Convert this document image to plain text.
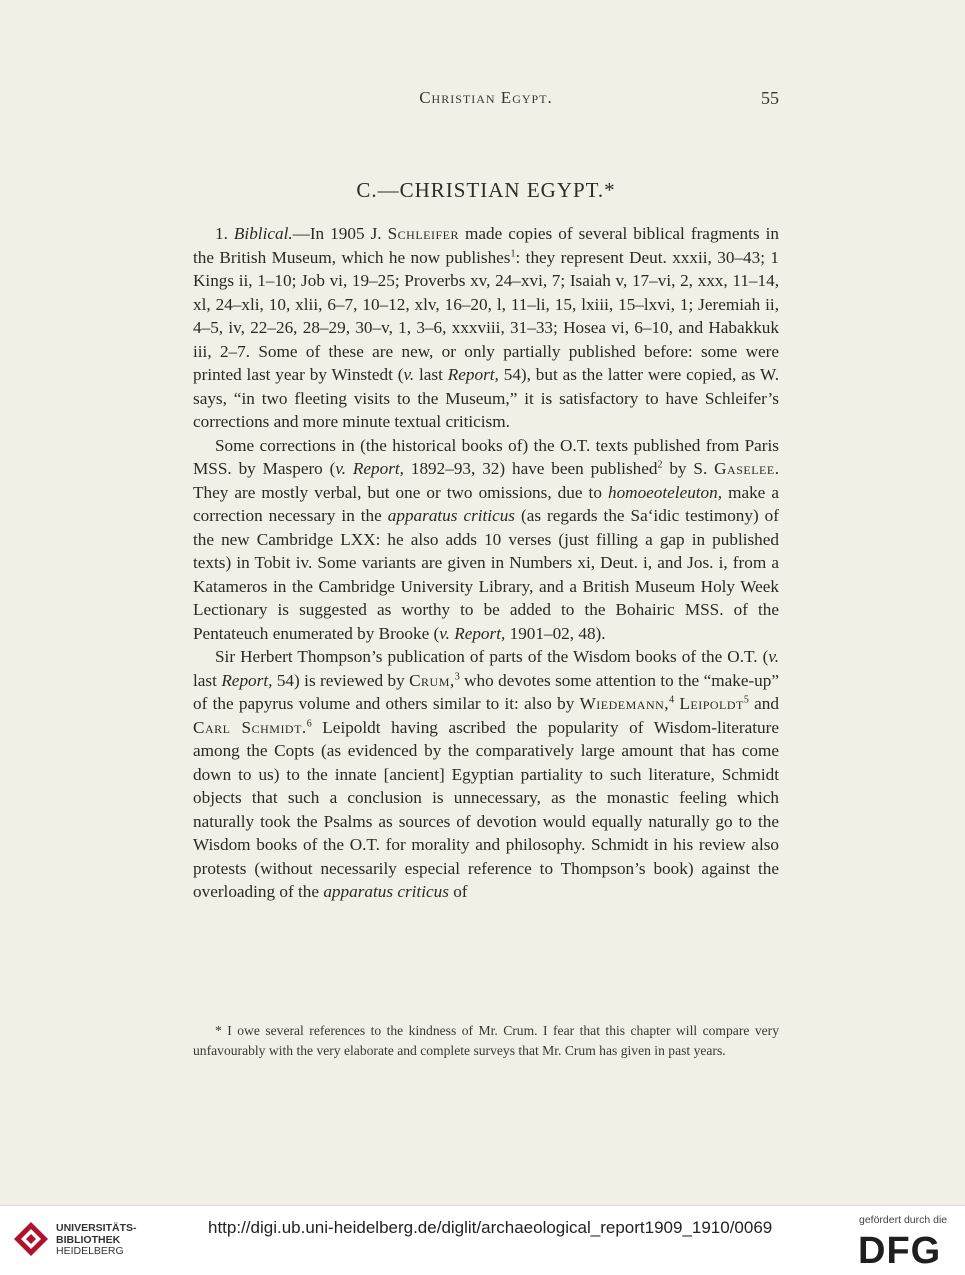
Christian Egypt.	55
C.—CHRISTIAN EGYPT.*

1. Biblical.—In 1905 J. Schleifer made copies of several biblical fragments in the British Museum, which he now publishes$^1$: they represent Deut. xxxii, 30–43; 1 Kings ii, 1–10; Job vi, 19–25; Proverbs xv, 24–xvi, 7; Isaiah v, 17–vi, 2, xxx, 11–14, xl, 24–xli, 10, xlii, 6–7, 10–12, xlv, 16–20, l, 11–li, 15, lxiii, 15–lxvi, 1; Jeremiah ii, 4–5, iv, 22–26, 28–29, 30–v, 1, 3–6, xxxviii, 31–33; Hosea vi, 6–10, and Habakkuk iii, 2–7. Some of these are new, or only partially published before: some were printed last year by Winstedt (v. last Report, 54), but as the latter were copied, as W. says, “in two fleeting visits to the Museum,” it is satisfactory to have Schleifer’s corrections and more minute textual criticism.

Some corrections in (the historical books of) the O.T. texts published from Paris MSS. by Maspero (v. Report, 1892–93, 32) have been published$^2$ by S. Gaselee. They are mostly verbal, but one or two omissions, due to homoeoteleuton, make a correction necessary in the apparatus criticus (as regards the Sa‘idic testimony) of the new Cambridge LXX: he also adds 10 verses (just filling a gap in published texts) in Tobit iv. Some variants are given in Numbers xi, Deut. i, and Jos. i, from a Katameros in the Cambridge University Library, and a British Museum Holy Week Lectionary is suggested as worthy to be added to the Bohairic MSS. of the Pentateuch enumerated by Brooke (v. Report, 1901–02, 48).

Sir Herbert Thompson’s publication of parts of the Wisdom books of the O.T. (v. last Report, 54) is reviewed by Crum,$^3$ who devotes some attention to the “make-up” of the papyrus volume and others similar to it: also by Wiedemann,$^4$ Leipoldt$^5$ and Carl Schmidt.$^6$ Leipoldt having ascribed the popularity of Wisdom-literature among the Copts (as evidenced by the comparatively large amount that has come down to us) to the innate [ancient] Egyptian partiality to such literature, Schmidt objects that such a conclusion is unnecessary, as the monastic feeling which naturally took the Psalms as sources of devotion would equally naturally go to the Wisdom books of the O.T. for morality and philosophy. Schmidt in his review also protests (without necessarily especial reference to Thompson’s book) against the overloading of the apparatus criticus of

* I owe several references to the kindness of Mr. Crum. I fear that this chapter will compare very unfavourably with the very elaborate and complete surveys that Mr. Crum has given in past years.

UNIVERSITÄTS-
BIBLIOTHEK
HEIDELBERG
http://digi.ub.uni-heidelberg.de/diglit/archaeological_report1909_1910/0069	gefördert durch die
DFG
